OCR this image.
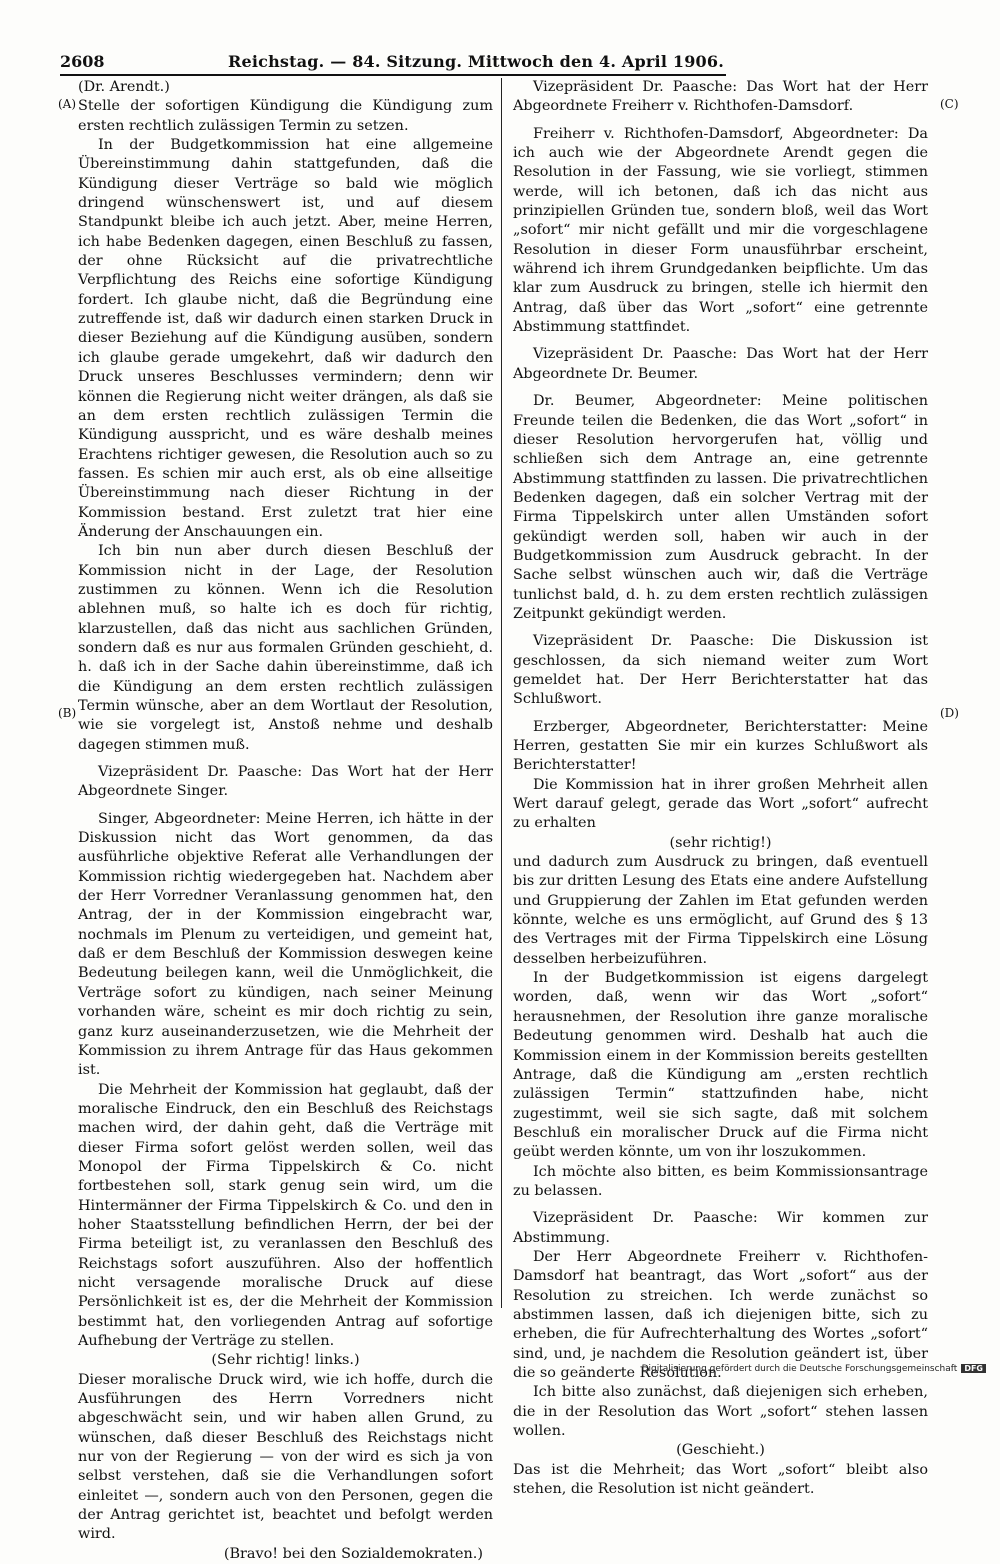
2608	Reichstag. — 84. Sitzung. Mittwoch den 4. April 1906.
(A)
(B)
(C)
(D)

(Dr. Arendt.)

Stelle der sofortigen Kündigung die Kündigung zum ersten rechtlich zulässigen Termin zu setzen.

In der Budgetkommission hat eine allgemeine Übereinstimmung dahin stattgefunden, daß die Kündigung dieser Verträge so bald wie möglich dringend wünschenswert ist, und auf diesem Standpunkt bleibe ich auch jetzt. Aber, meine Herren, ich habe Bedenken dagegen, einen Beschluß zu fassen, der ohne Rücksicht auf die privatrechtliche Verpflichtung des Reichs eine sofortige Kündigung fordert. Ich glaube nicht, daß die Begründung eine zutreffende ist, daß wir dadurch einen starken Druck in dieser Beziehung auf die Kündigung ausüben, sondern ich glaube gerade umgekehrt, daß wir dadurch den Druck unseres Beschlusses vermindern; denn wir können die Regierung nicht weiter drängen, als daß sie an dem ersten rechtlich zulässigen Termin die Kündigung ausspricht, und es wäre deshalb meines Erachtens richtiger gewesen, die Resolution auch so zu fassen. Es schien mir auch erst, als ob eine allseitige Übereinstimmung nach dieser Richtung in der Kommission bestand. Erst zuletzt trat hier eine Änderung der Anschauungen ein.

Ich bin nun aber durch diesen Beschluß der Kommission nicht in der Lage, der Resolution zustimmen zu können. Wenn ich die Resolution ablehnen muß, so halte ich es doch für richtig, klarzustellen, daß das nicht aus sachlichen Gründen, sondern daß es nur aus formalen Gründen geschieht, d. h. daß ich in der Sache dahin übereinstimme, daß ich die Kündigung an dem ersten rechtlich zulässigen Termin wünsche, aber an dem Wortlaut der Resolution, wie sie vorgelegt ist, Anstoß nehme und deshalb dagegen stimmen muß.

Vizepräsident Dr. Paasche: Das Wort hat der Herr Abgeordnete Singer.

Singer, Abgeordneter: Meine Herren, ich hätte in der Diskussion nicht das Wort genommen, da das ausführliche objektive Referat alle Verhandlungen der Kommission richtig wiedergegeben hat. Nachdem aber der Herr Vorredner Veranlassung genommen hat, den Antrag, der in der Kommission eingebracht war, nochmals im Plenum zu verteidigen, und gemeint hat, daß er dem Beschluß der Kommission deswegen keine Bedeutung beilegen kann, weil die Unmöglichkeit, die Verträge sofort zu kündigen, nach seiner Meinung vorhanden wäre, scheint es mir doch richtig zu sein, ganz kurz auseinanderzusetzen, wie die Mehrheit der Kommission zu ihrem Antrage für das Haus gekommen ist.

Die Mehrheit der Kommission hat geglaubt, daß der moralische Eindruck, den ein Beschluß des Reichstags machen wird, der dahin geht, daß die Verträge mit dieser Firma sofort gelöst werden sollen, weil das Monopol der Firma Tippelskirch & Co. nicht fortbestehen soll, stark genug sein wird, um die Hintermänner der Firma Tippelskirch & Co. und den in hoher Staatsstellung befindlichen Herrn, der bei der Firma beteiligt ist, zu veranlassen den Beschluß des Reichstags sofort auszuführen. Also der hoffentlich nicht versagende moralische Druck auf diese Persönlichkeit ist es, der die Mehrheit der Kommission bestimmt hat, den vorliegenden Antrag auf sofortige Aufhebung der Verträge zu stellen.

(Sehr richtig! links.)

Dieser moralische Druck wird, wie ich hoffe, durch die Ausführungen des Herrn Vorredners nicht abgeschwächt sein, und wir haben allen Grund, zu wünschen, daß dieser Beschluß des Reichstags nicht nur von der Regierung — von der wird es sich ja von selbst verstehen, daß sie die Verhandlungen sofort einleitet —, sondern auch von den Personen, gegen die der Antrag gerichtet ist, beachtet und befolgt werden wird.

(Bravo! bei den Sozialdemokraten.)

Vizepräsident Dr. Paasche: Das Wort hat der Herr Abgeordnete Freiherr v. Richthofen-Damsdorf.

Freiherr v. Richthofen-Damsdorf, Abgeordneter: Da ich auch wie der Abgeordnete Arendt gegen die Resolution in der Fassung, wie sie vorliegt, stimmen werde, will ich betonen, daß ich das nicht aus prinzipiellen Gründen tue, sondern bloß, weil das Wort „sofort“ mir nicht gefällt und mir die vorgeschlagene Resolution in dieser Form unausführbar erscheint, während ich ihrem Grundgedanken beipflichte. Um das klar zum Ausdruck zu bringen, stelle ich hiermit den Antrag, daß über das Wort „sofort“ eine getrennte Abstimmung stattfindet.

Vizepräsident Dr. Paasche: Das Wort hat der Herr Abgeordnete Dr. Beumer.

Dr. Beumer, Abgeordneter: Meine politischen Freunde teilen die Bedenken, die das Wort „sofort“ in dieser Resolution hervorgerufen hat, völlig und schließen sich dem Antrage an, eine getrennte Abstimmung stattfinden zu lassen. Die privatrechtlichen Bedenken dagegen, daß ein solcher Vertrag mit der Firma Tippelskirch unter allen Umständen sofort gekündigt werden soll, haben wir auch in der Budgetkommission zum Ausdruck gebracht. In der Sache selbst wünschen auch wir, daß die Verträge tunlichst bald, d. h. zu dem ersten rechtlich zulässigen Zeitpunkt gekündigt werden.

Vizepräsident Dr. Paasche: Die Diskussion ist geschlossen, da sich niemand weiter zum Wort gemeldet hat. Der Herr Berichterstatter hat das Schlußwort.

Erzberger, Abgeordneter, Berichterstatter: Meine Herren, gestatten Sie mir ein kurzes Schlußwort als Berichterstatter!

Die Kommission hat in ihrer großen Mehrheit allen Wert darauf gelegt, gerade das Wort „sofort“ aufrecht zu erhalten

(sehr richtig!)

und dadurch zum Ausdruck zu bringen, daß eventuell bis zur dritten Lesung des Etats eine andere Aufstellung und Gruppierung der Zahlen im Etat gefunden werden könnte, welche es uns ermöglicht, auf Grund des § 13 des Vertrages mit der Firma Tippelskirch eine Lösung desselben herbeizuführen.

In der Budgetkommission ist eigens dargelegt worden, daß, wenn wir das Wort „sofort“ herausnehmen, der Resolution ihre ganze moralische Bedeutung genommen wird. Deshalb hat auch die Kommission einem in der Kommission bereits gestellten Antrage, daß die Kündigung am „ersten rechtlich zulässigen Termin“ stattzufinden habe, nicht zugestimmt, weil sie sich sagte, daß mit solchem Beschluß ein moralischer Druck auf die Firma nicht geübt werden könnte, um von ihr loszukommen.

Ich möchte also bitten, es beim Kommissionsantrage zu belassen.

Vizepräsident Dr. Paasche: Wir kommen zur Abstimmung.

Der Herr Abgeordnete Freiherr v. Richthofen-Damsdorf hat beantragt, das Wort „sofort“ aus der Resolution zu streichen. Ich werde zunächst so abstimmen lassen, daß ich diejenigen bitte, sich zu erheben, die für Aufrechterhaltung des Wortes „sofort“ sind, und, je nachdem die Resolution geändert ist, über die so geänderte Resolution.

Ich bitte also zunächst, daß diejenigen sich erheben, die in der Resolution das Wort „sofort“ stehen lassen wollen.

(Geschieht.)

Das ist die Mehrheit; das Wort „sofort“ bleibt also stehen, die Resolution ist nicht geändert.

Digitalisierung gefördert durch die Deutsche Forschungsgemeinschaft DFG
